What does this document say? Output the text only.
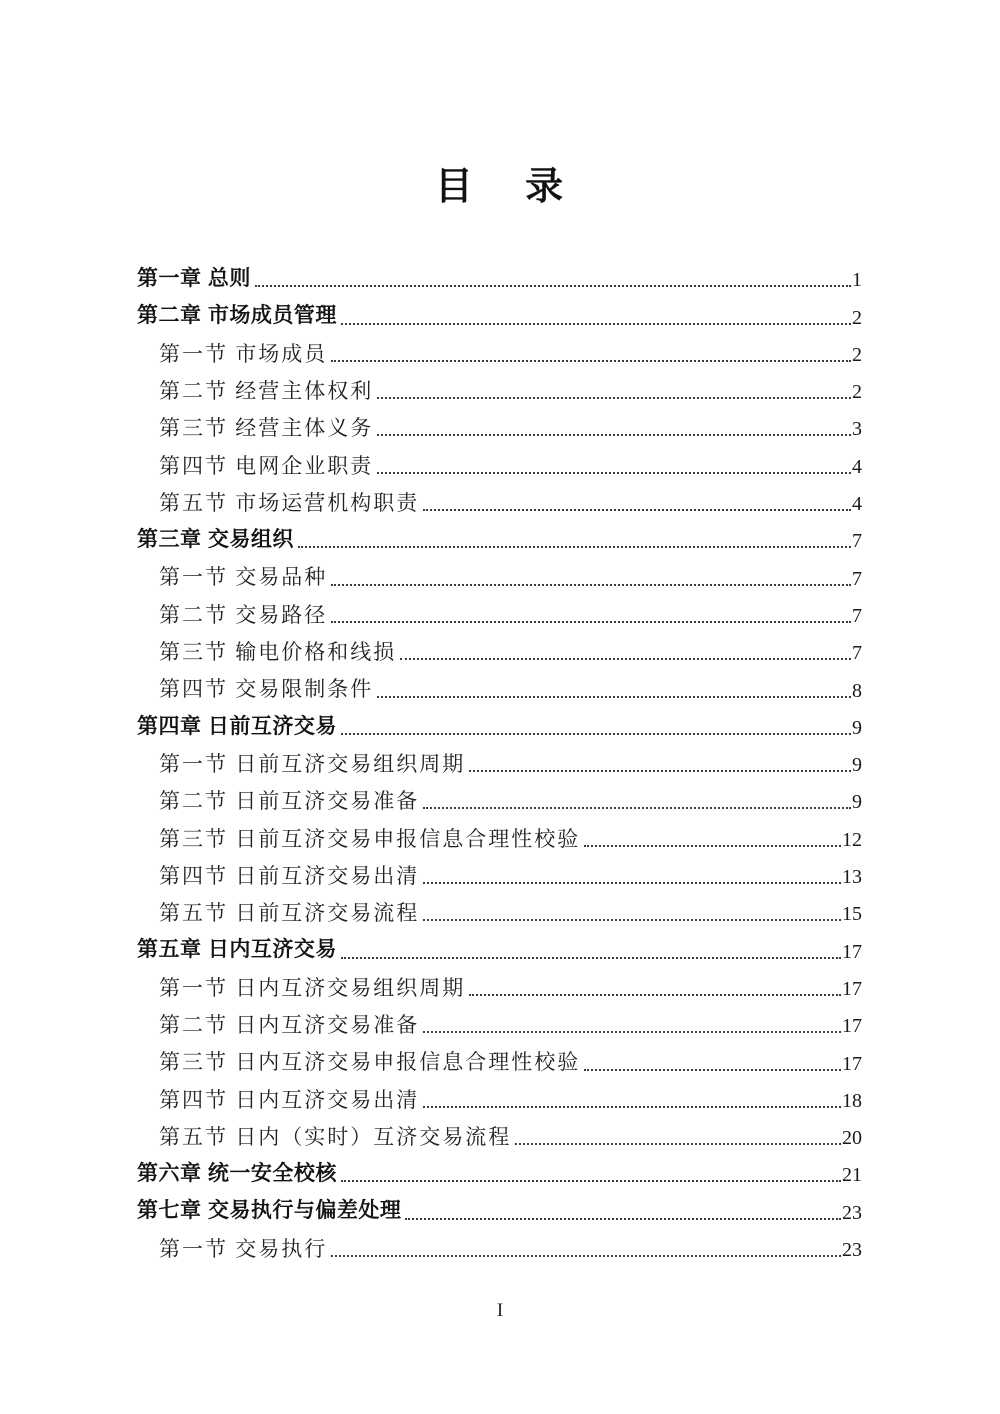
目    录
第一章 总则	1
第二章 市场成员管理	2
第一节 市场成员	2
第二节 经营主体权利	2
第三节 经营主体义务	3
第四节 电网企业职责	4
第五节 市场运营机构职责	4
第三章 交易组织	7
第一节 交易品种	7
第二节 交易路径	7
第三节 输电价格和线损	7
第四节 交易限制条件	8
第四章 日前互济交易	9
第一节 日前互济交易组织周期	9
第二节 日前互济交易准备	9
第三节 日前互济交易申报信息合理性校验	12
第四节 日前互济交易出清	13
第五节 日前互济交易流程	15
第五章 日内互济交易	17
第一节 日内互济交易组织周期	17
第二节 日内互济交易准备	17
第三节 日内互济交易申报信息合理性校验	17
第四节 日内互济交易出清	18
第五节 日内（实时）互济交易流程	20
第六章 统一安全校核	21
第七章 交易执行与偏差处理	23
第一节 交易执行	23
I
